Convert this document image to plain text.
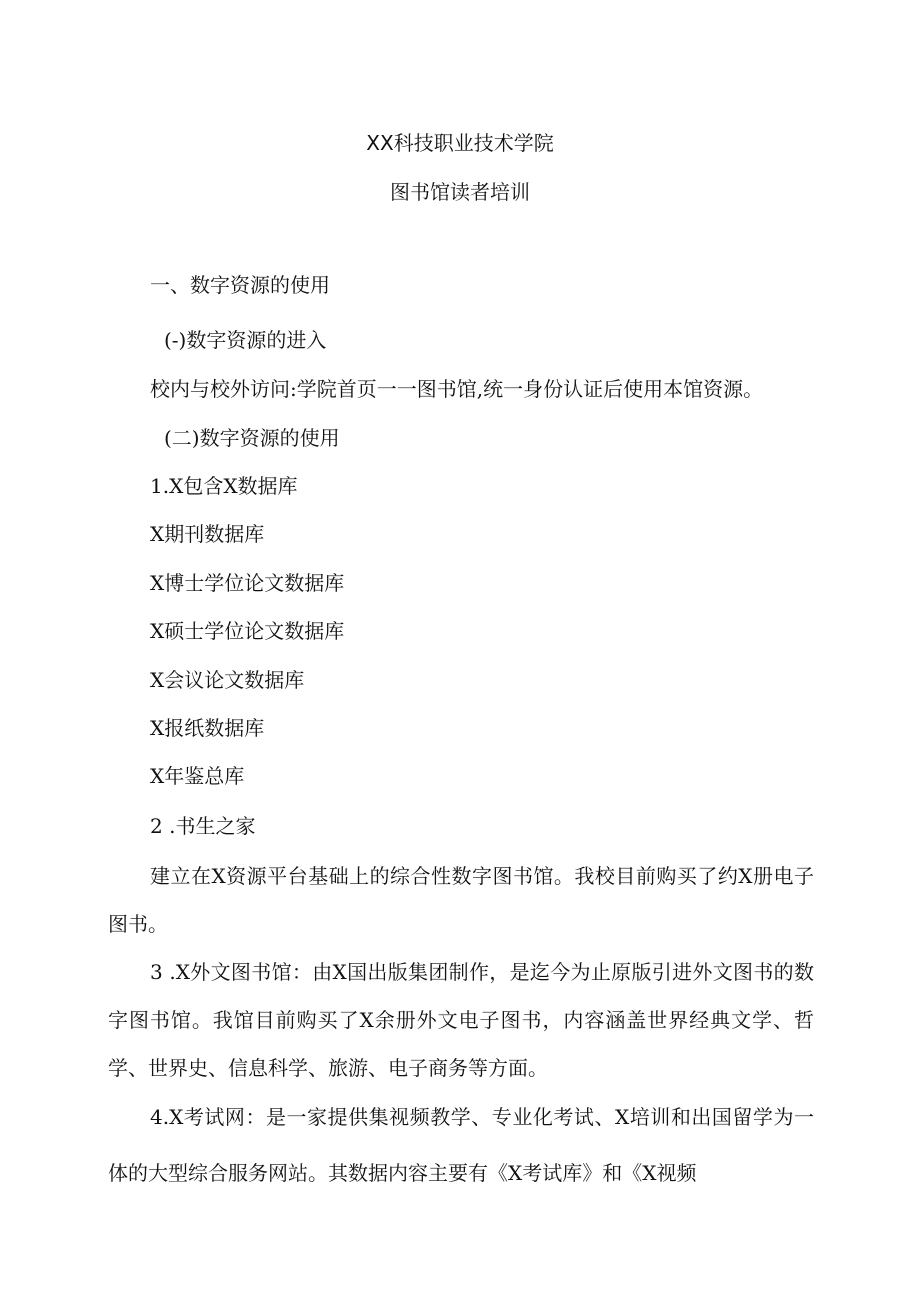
XX科技职业技术学院
图书馆读者培训
一、数字资源的使用
(-)数字资源的进入
校内与校外访问:学院首页一一图书馆,统一身份认证后使用本馆资源。
(二)数字资源的使用
1.X包含X数据库
X期刊数据库
X博士学位论文数据库
X硕士学位论文数据库
X会议论文数据库
X报纸数据库
X年鉴总库
2 .书生之家

建立在X资源平台基础上的综合性数字图书馆。我校目前购买了约X册电子图书。

3 .X外文图书馆：由X国出版集团制作，是迄今为止原版引进外文图书的数字图书馆。我馆目前购买了X余册外文电子图书，内容涵盖世界经典文学、哲学、世界史、信息科学、旅游、电子商务等方面。

4.X考试网：是一家提供集视频教学、专业化考试、X培训和出国留学为一体的大型综合服务网站。其数据内容主要有《X考试库》和《X视频
